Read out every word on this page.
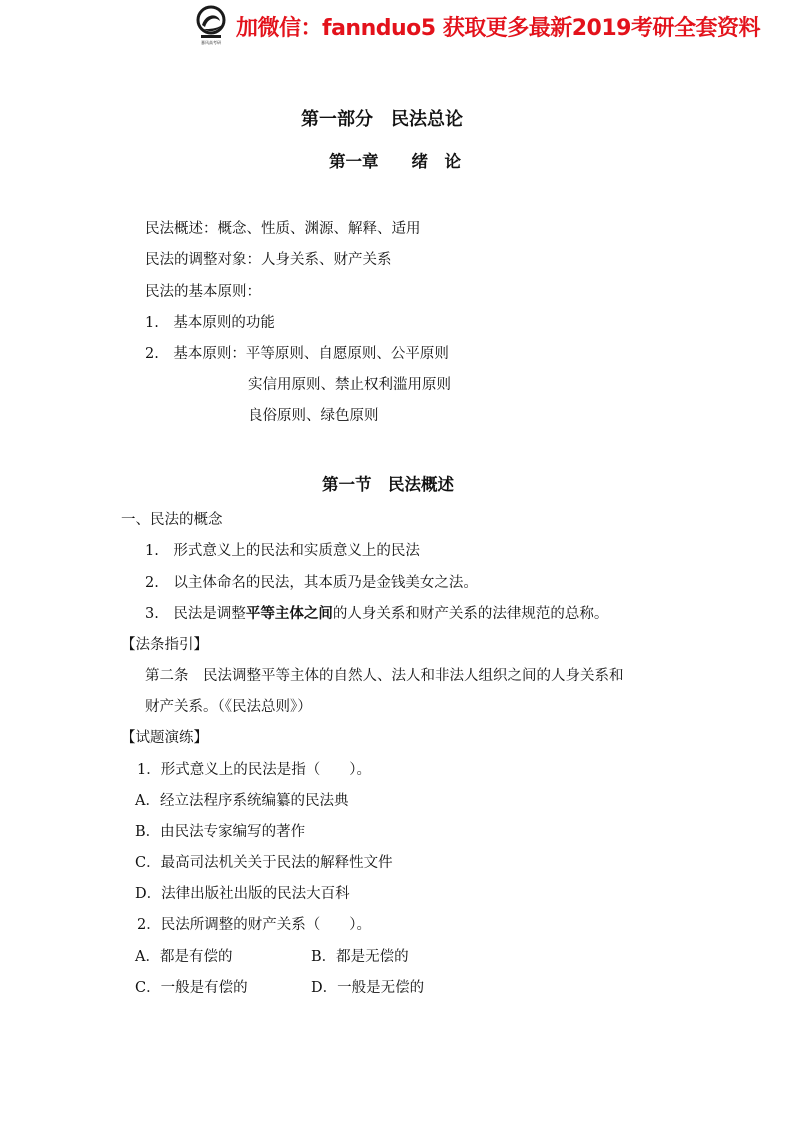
暴风高考研
加微信：fannduo5 获取更多最新2019考研全套资料
第一部分　民法总论
第一章　　绪　论
民法概述：概念、性质、渊源、解释、适用
民法的调整对象：人身关系、财产关系
民法的基本原则：
1.　基本原则的功能
2.　基本原则：平等原则、自愿原则、公平原则
实信用原则、禁止权利滥用原则
良俗原则、绿色原则
第一节　民法概述
一、民法的概念
1.　形式意义上的民法和实质意义上的民法
2.　以主体命名的民法，其本质乃是金钱美女之法。
3.　民法是调整平等主体之间的人身关系和财产关系的法律规范的总称。
【法条指引】
第二条　民法调整平等主体的自然人、法人和非法人组织之间的人身关系和
财产关系。（《民法总则》）
【试题演练】
1．形式意义上的民法是指（　　）。
A．经立法程序系统编纂的民法典
B．由民法专家编写的著作
C．最高司法机关关于民法的解释性文件
D．法律出版社出版的民法大百科
2．民法所调整的财产关系（　　）。
A．都是有偿的	B．都是无偿的
C．一般是有偿的	D．一般是无偿的
